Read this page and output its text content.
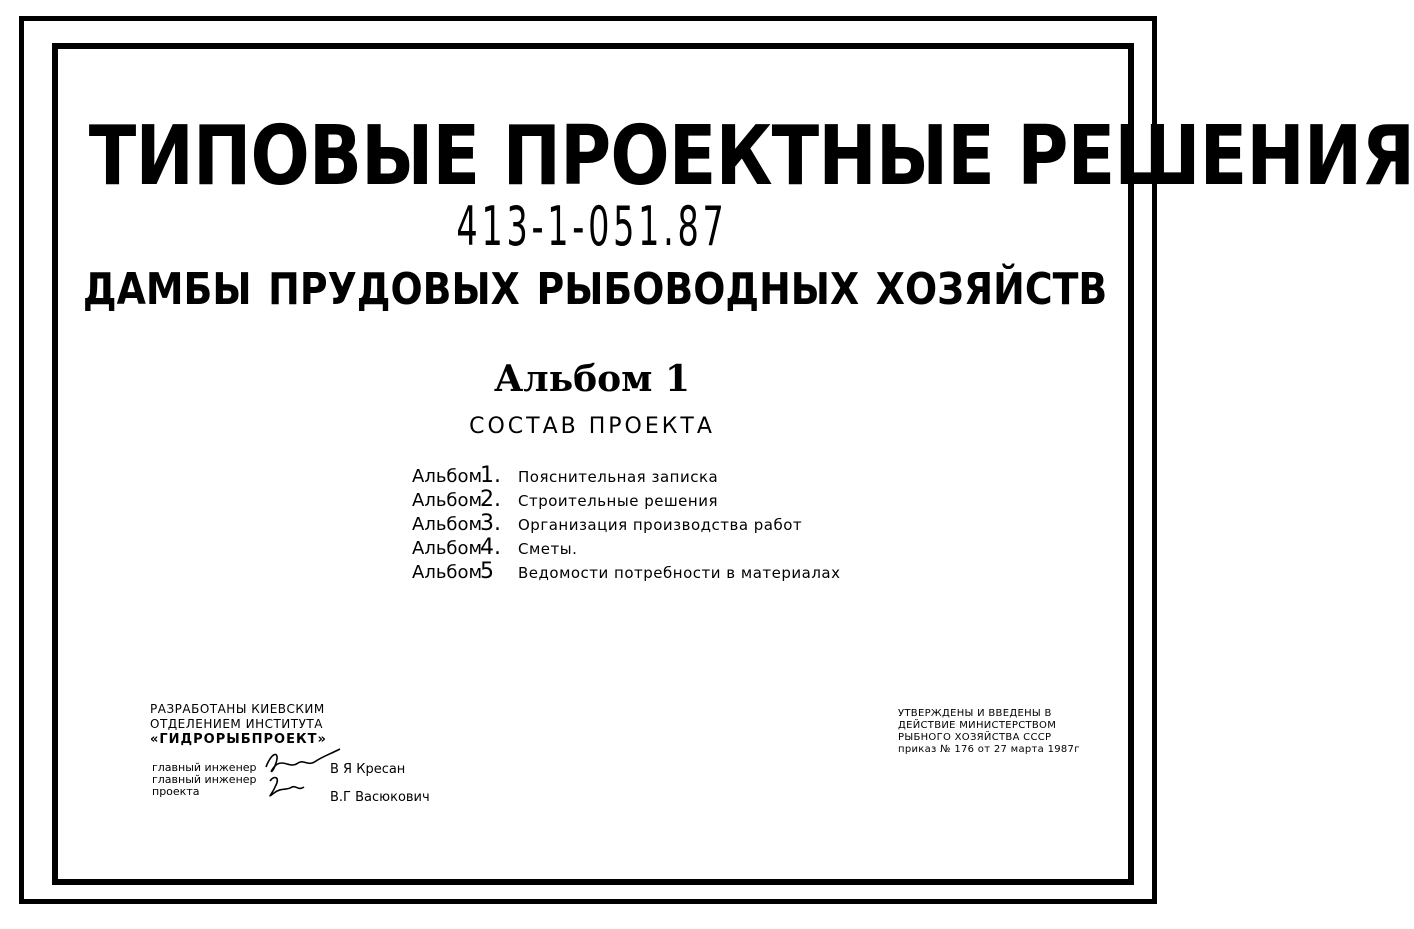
ТИПОВЫЕ ПРОЕКТНЫЕ РЕШЕНИЯ
413-1-051.87
ДАМБЫ ПРУДОВЫХ РЫБОВОДНЫХ ХОЗЯЙСТВ
Альбом 1
СОСТАВ ПРОЕКТА
Альбом1. Пояснительная записка
Альбом2. Строительные решения
Альбом3. Организация производства работ
Альбом4. Сметы.
Альбом5 Ведомости потребности в материалах
РАЗРАБОТАНЫ КИЕВСКИМ
ОТДЕЛЕНИЕМ ИНСТИТУТА
«ГИДРОРЫБПРОЕКТ»
главный инженер
главный инженер
проекта
В Я Кресан
В.Г Васюкович
УТВЕРЖДЕНЫ И ВВЕДЕНЫ В
ДЕЙСТВИЕ МИНИСТЕРСТВОМ
РЫБНОГО ХОЗЯЙСТВА СССР
приказ № 176 от 27 марта 1987г
